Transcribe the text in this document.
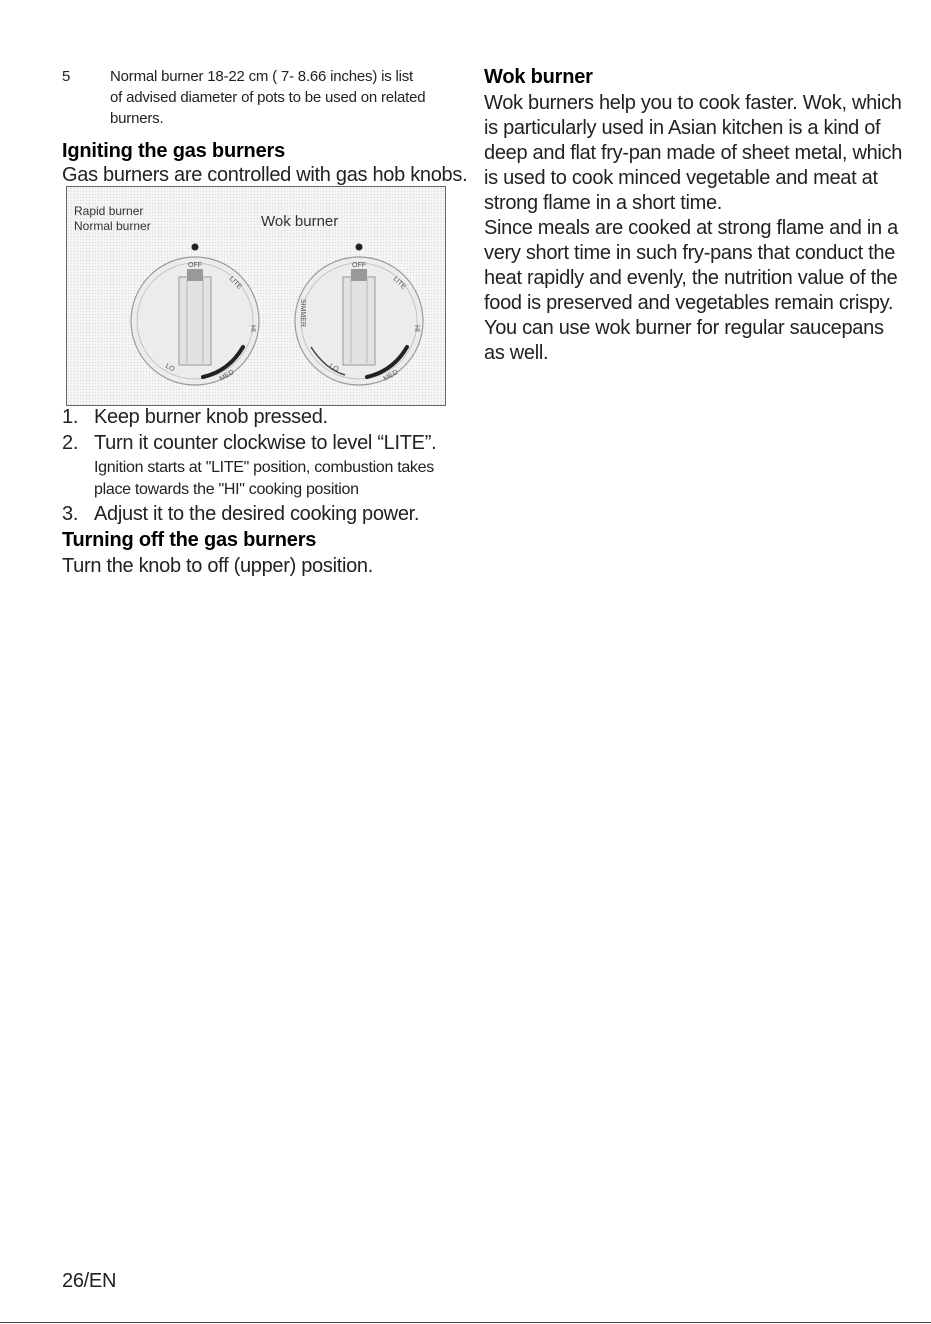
5	Normal burner 18-22 cm ( 7- 8.66 inches) is list
of advised diameter of pots to be used on related
burners.
Igniting the gas burners
Gas burners are controlled with gas hob knobs.
Rapid burner
Normal burner	Wok burner
OFF
LITE
HI
MED
LO
OFF
LITE
HI
MED
LO
SIMMER
1. Keep burner knob pressed.
2. Turn it counter clockwise to level “LITE”.
Ignition starts at "LITE" position, combustion takes
place towards the "HI" cooking position
3. Adjust it to the desired cooking power.
Turning off the gas burners
Turn the knob to off (upper) position.
Wok burner
Wok burners help you to cook faster. Wok, which
is particularly used in Asian kitchen is a kind of
deep and flat fry-pan made of sheet metal, which
is used to cook minced vegetable and meat at
strong flame in a short time.
Since meals are cooked at strong flame and in a
very short time in such fry-pans that conduct the
heat rapidly and evenly, the nutrition value of the
food is preserved and vegetables remain crispy.
You can use wok burner for regular saucepans
as well.
26/EN
